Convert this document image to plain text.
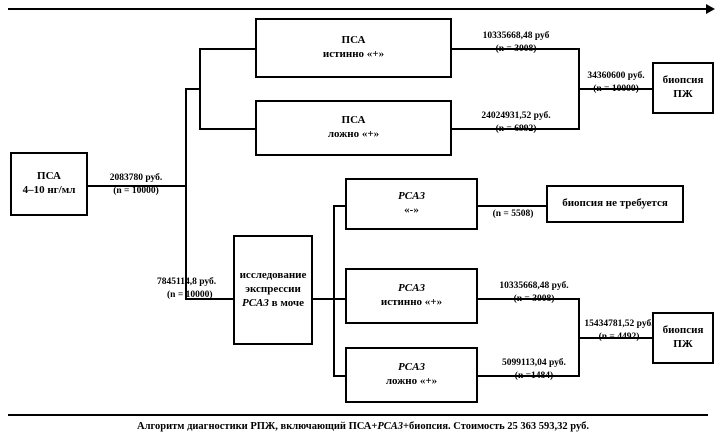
ПСА
4–10 нг/мл
ПСА
истинно «+»
ПСА
ложно «+»
биопсия
ПЖ
PCA3
«-»
биопсия не требуется
исследование
экспрессии
PCA3 в моче
PCA3
истинно «+»
PCA3
ложно «+»
биопсия
ПЖ
2083780 руб.
(n = 10000)
10335668,48 руб
(n = 3008)
24024931,52 руб.
(n = 6992)
34360600 руб.
(n = 10000)
7845114,8 руб.
(n = 10000)
(n = 5508)
10335668,48 руб.
(n = 3008)
5099113,04 руб.
(n =1484)
15434781,52 руб.
(n = 4492)
Алгоритм диагностики РПЖ, включающий ПСА+PCA3+биопсия. Стоимость 25 363 593,32 руб.
